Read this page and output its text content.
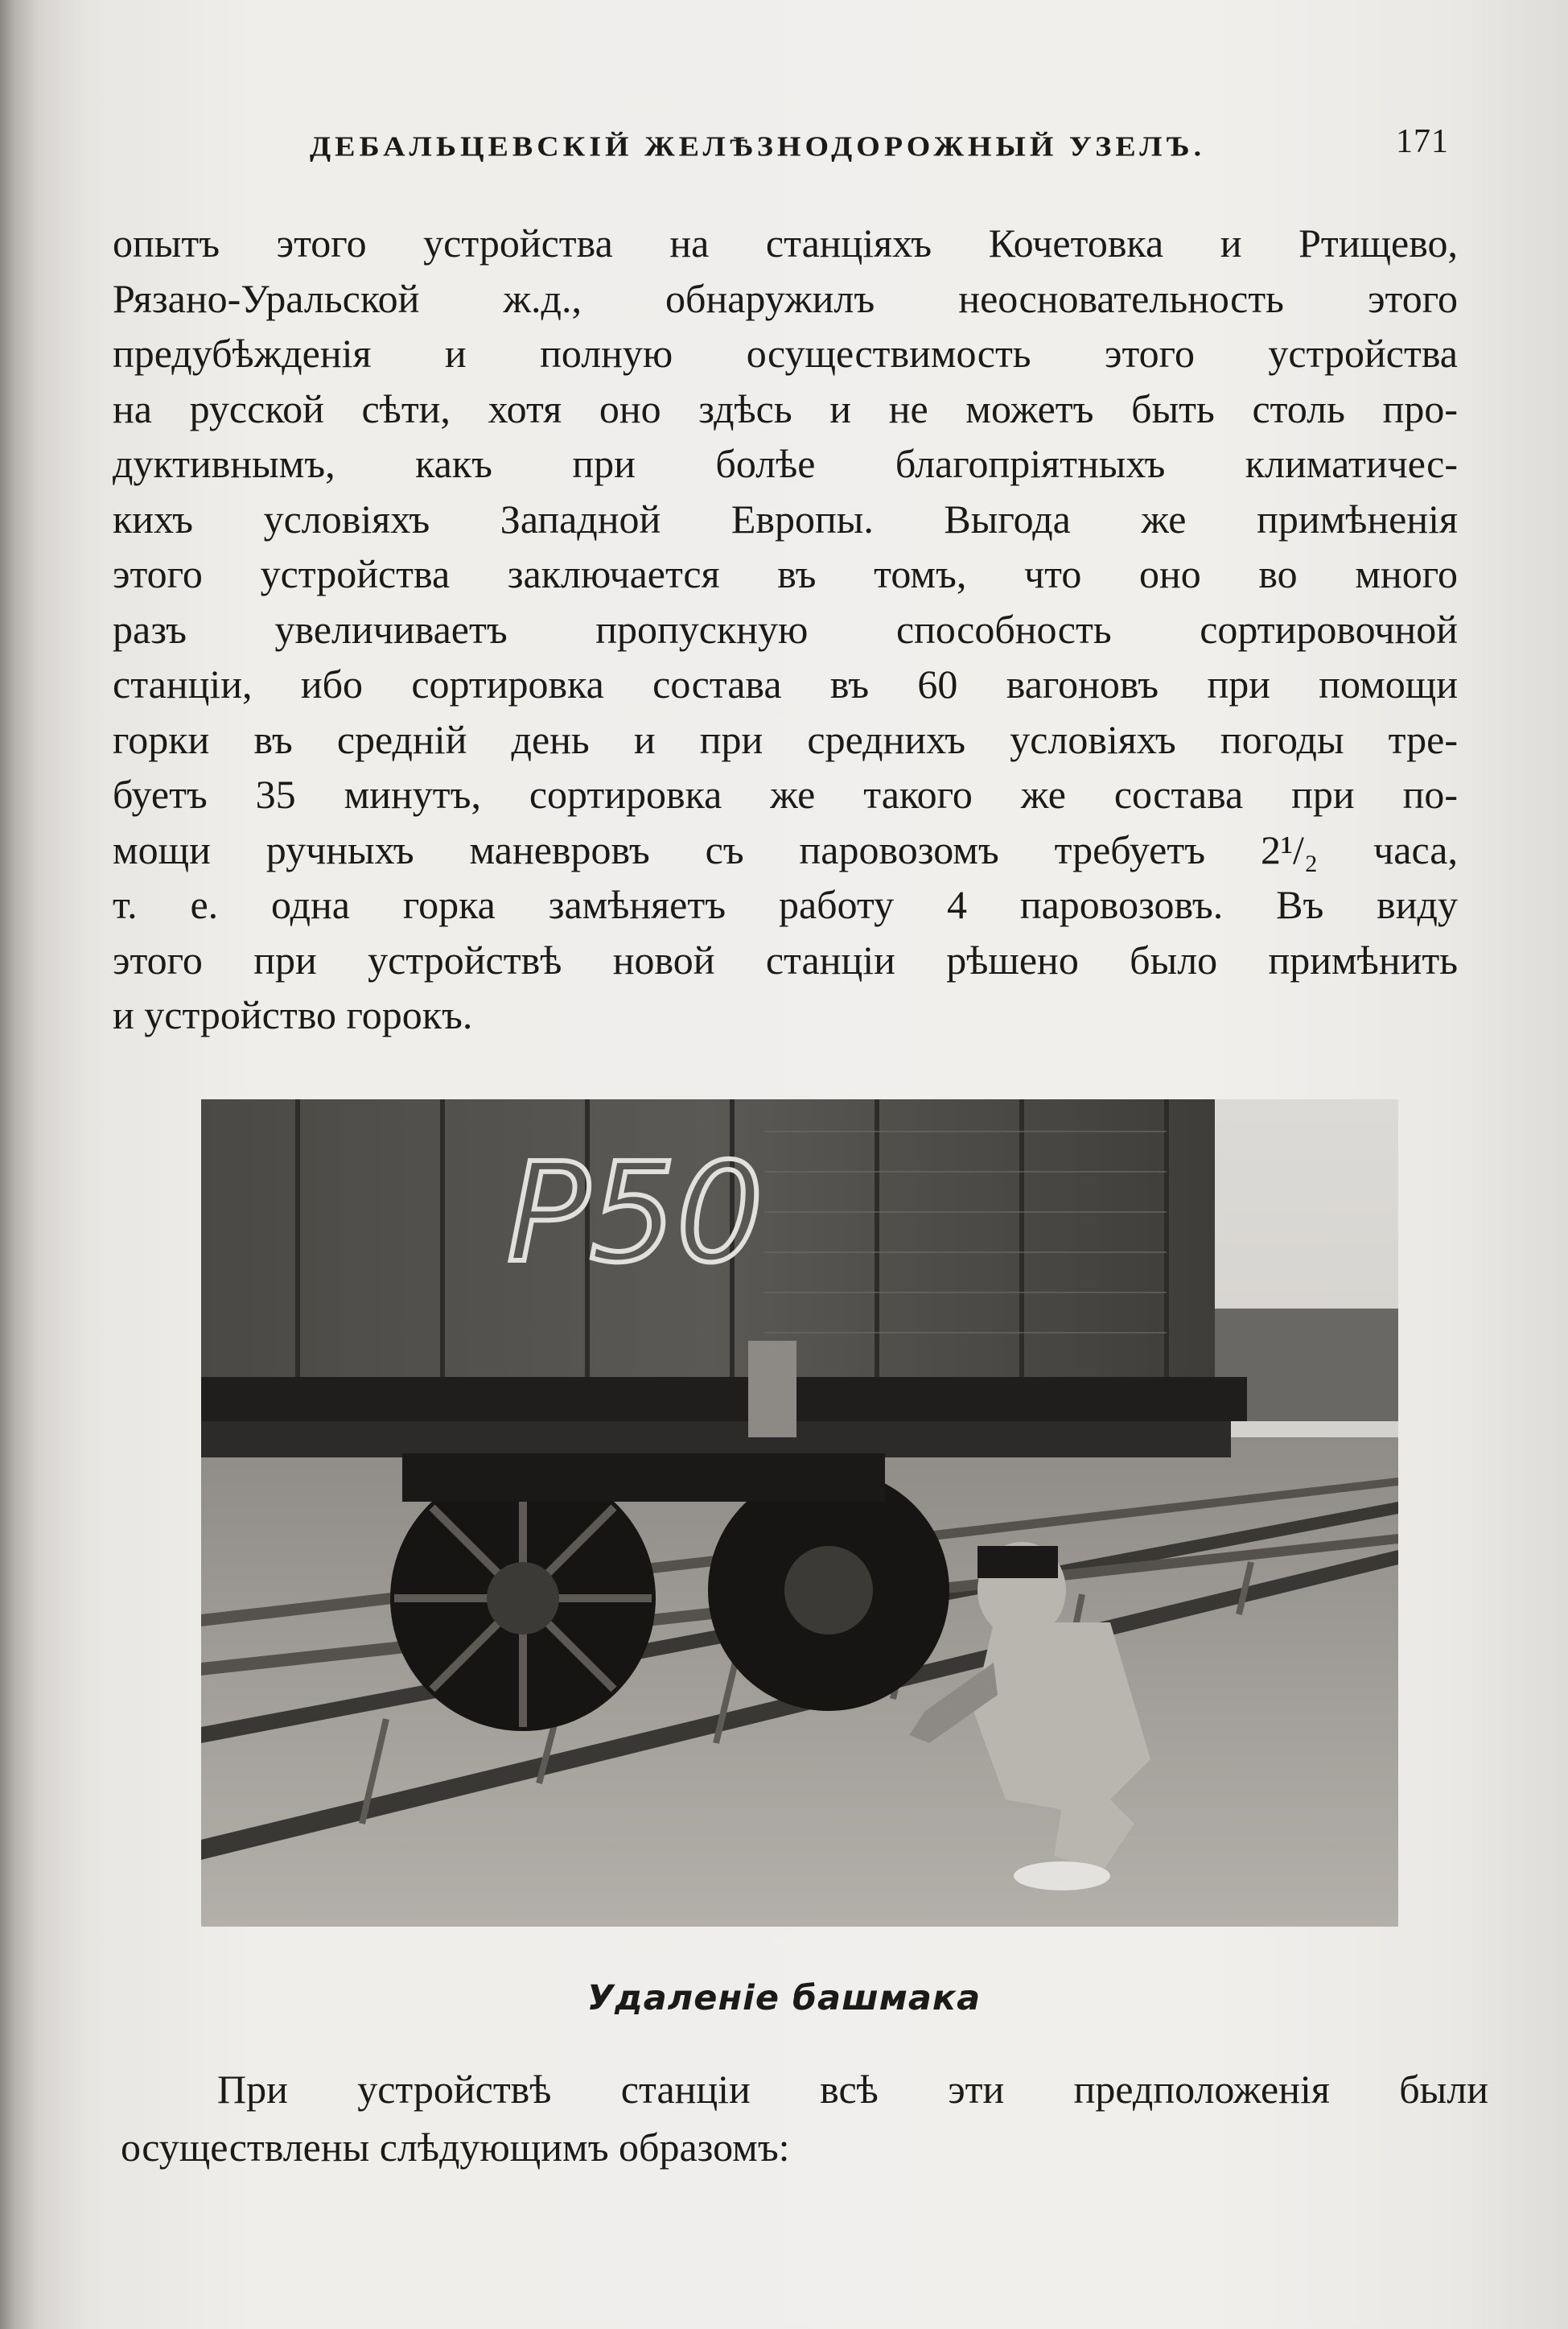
ДЕБАЛЬЦЕВСКІЙ ЖЕЛѢЗНОДОРОЖНЫЙ УЗЕЛЪ.	171
опытъ этого устройства на станціяхъ Кочетовка и Ртищево,
Рязано-Уральской ж.д., обнаружилъ неосновательность этого
предубѣжденія и полную осуществимость этого устройства
на русской сѣти, хотя оно здѣсь и не можетъ быть столь про-
дуктивнымъ, какъ при болѣе благопріятныхъ климатичес-
кихъ условіяхъ Западной Европы. Выгода же примѣненія
этого устройства заключается въ томъ, что оно во много
разъ увеличиваетъ пропускную способность сортировочной
станціи, ибо сортировка состава въ 60 вагоновъ при помощи
горки въ средній день и при среднихъ условіяхъ погоды тре-
буетъ 35 минутъ, сортировка же такого же состава при по-
мощи ручныхъ маневровъ съ паровозомъ требуетъ 2¹/₂ часа,
т. е. одна горка замѣняетъ работу 4 паровозовъ. Въ виду
этого при устройствѣ новой станціи рѣшено было примѣнить
и устройство горокъ.
Р50
Удаленіе башмака
При устройствѣ станціи всѣ эти предположенія были
осуществлены слѣдующимъ образомъ:
